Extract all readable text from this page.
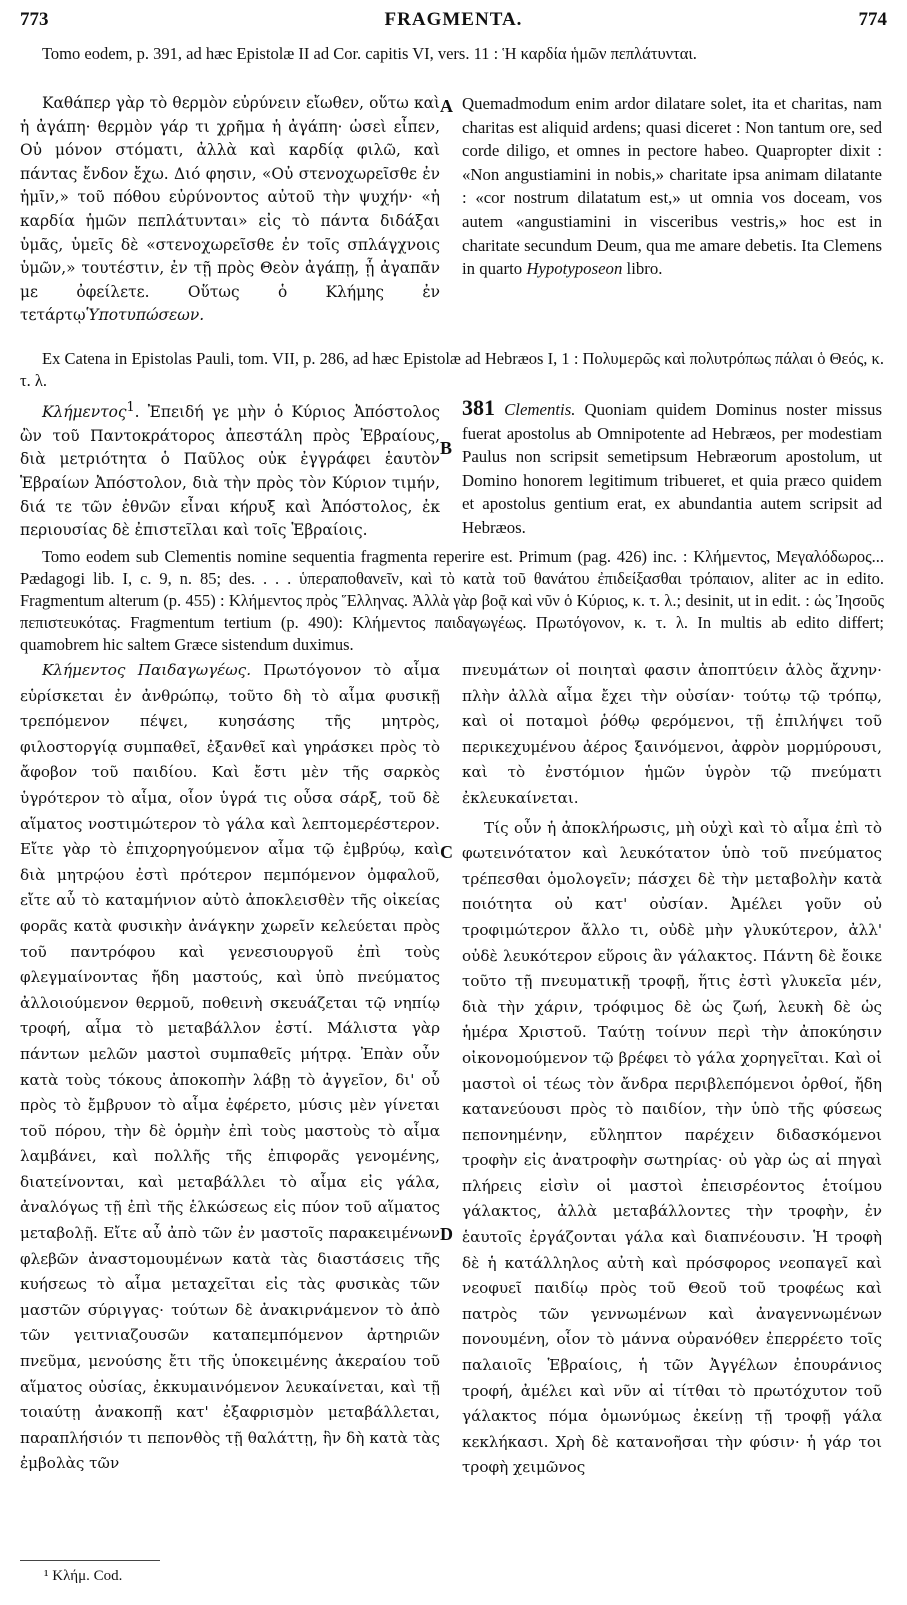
773	FRAGMENTA.	774
Tomo eodem, p. 391, ad hæc Epistolæ II ad Cor. capitis VI, vers. 11 : Ἡ καρδία ἡμῶν πεπλάτυνται.
Καθάπερ γὰρ τὸ θερμὸν εὐρύνειν εἴωθεν, οὕτω καὶ ἡ ἀγάπη· θερμὸν γάρ τι χρῆμα ἡ ἀγάπη· ὡσεὶ εἶπεν, Οὐ μόνον στόματι, ἀλλὰ καὶ καρδίᾳ φιλῶ, καὶ πάντας ἔνδον ἔχω. Διό φησιν, «Οὐ στενοχωρεῖσθε ἐν ἡμῖν,» τοῦ πόθου εὐρύνοντος αὐτοῦ τὴν ψυχήν· «ἡ καρδία ἡμῶν πεπλάτυνται» εἰς τὸ πάντα διδάξαι ὑμᾶς, ὑμεῖς δὲ «στενοχωρεῖσθε ἐν τοῖς σπλάγχνοις ὑμῶν,» τουτέστιν, ἐν τῇ πρὸς Θεὸν ἀγάπῃ, ᾗ ἀγαπᾶν με ὀφείλετε. Οὕτως ὁ Κλήμης ἐν τετάρτῳὙποτυπώσεων.
A Quemadmodum enim ardor dilatare solet, ita et charitas, nam charitas est aliquid ardens; quasi diceret : Non tantum ore, sed corde diligo, et omnes in pectore habeo. Quapropter dixit : «Non angustiamini in nobis,» charitate ipsa animam dilatante : «cor nostrum dilatatum est,» ut omnia vos doceam, vos autem «angustiamini in visceribus vestris,» hoc est in charitate secundum Deum, qua me amare debetis. Ita Clemens in quarto Hypotyposeon libro.
Ex Catena in Epistolas Pauli, tom. VII, p. 286, ad hæc Epistolæ ad Hebræos I, 1 : Πολυμερῶς καὶ πολυτρόπως πάλαι ὁ Θεός, κ. τ. λ.
Κλήμεντος$^1$. Ἐπειδή γε μὴν ὁ Κύριος Ἀπόστολος ὢν τοῦ Παντοκράτορος ἀπεστάλη πρὸς Ἑβραίους, διὰ μετριότητα ὁ Παῦλος οὐκ ἐγγράφει ἑαυτὸν Ἑβραίων Ἀπόστολον, διὰ τὴν πρὸς τὸν Κύριον τιμήν, διά τε τῶν ἐθνῶν εἶναι κήρυξ καὶ Ἀπόστολος, ἐκ περιουσίας δὲ ἐπιστεῖλαι καὶ τοῖς Ἑβραίοις.
B
381 Clementis. Quoniam quidem Dominus noster missus fuerat apostolus ab Omnipotente ad Hebræos, per modestiam Paulus non scripsit semetipsum Hebræorum apostolum, ut Domino honorem legitimum tribueret, et quia præco quidem et apostolus gentium erat, ex abundantia autem scripsit ad Hebræos.
Tomo eodem sub Clementis nomine sequentia fragmenta reperire est. Primum (pag. 426) inc. : Κλήμεντος, Μεγαλόδωρος... Pædagogi lib. I, c. 9, n. 85; des. . . . ὑπεραποθανεῖν, καὶ τὸ κατὰ τοῦ θανάτου ἐπιδείξασθαι τρόπαιον, aliter ac in edito. Fragmentum alterum (p. 455) : Κλήμεντος πρὸς Ἕλληνας. Ἀλλὰ γὰρ βοᾷ καὶ νῦν ὁ Κύριος, κ. τ. λ.; desinit, ut in edit. : ὡς Ἰησοῦς πεπιστευκότας. Fragmentum tertium (p. 490): Κλήμεντος παιδαγωγέως. Πρωτόγονον, κ. τ. λ. In multis ab edito differt; quamobrem hic saltem Græce sistendum duximus.
Κλήμεντος Παιδαγωγέως. Πρωτόγονον τὸ αἷμα εὑρίσκεται ἐν ἀνθρώπῳ, τοῦτο δὴ τὸ αἷμα φυσικῇ τρεπόμενον πέψει, κυησάσης τῆς μητρὸς, φιλοστοργίᾳ συμπαθεῖ, ἐξανθεῖ καὶ γηράσκει πρὸς τὸ ἄφοβον τοῦ παιδίου. Καὶ ἔστι μὲν τῆς σαρκὸς ὑγρότερον τὸ αἷμα, οἷον ὑγρά τις οὖσα σάρξ, τοῦ δὲ αἵματος νοστιμώτερον τὸ γάλα καὶ λεπτομερέστερον. Εἴτε γὰρ τὸ ἐπιχορηγούμενον αἷμα τῷ ἐμβρύῳ, καὶ διὰ μητρῴου ἐστὶ πρότερον πεμπόμενον ὀμφαλοῦ, εἴτε αὖ τὸ καταμήνιον αὐτὸ ἀποκλεισθὲν τῆς οἰκείας φορᾶς κατὰ φυσικὴν ἀνάγκην χωρεῖν κελεύεται πρὸς τοῦ παντρόφου καὶ γενεσιουργοῦ ἐπὶ τοὺς φλεγμαίνοντας ἤδη μαστούς, καὶ ὑπὸ πνεύματος ἀλλοιούμενον θερμοῦ, ποθεινὴ σκευάζεται τῷ νηπίῳ τροφή, αἷμα τὸ μεταβάλλον ἐστί. Μάλιστα γὰρ πάντων μελῶν μαστοὶ συμπαθεῖς μήτρᾳ. Ἐπὰν οὖν κατὰ τοὺς τόκους ἀποκοπὴν λάβῃ τὸ ἀγγεῖον, δι' οὗ πρὸς τὸ ἔμβρυον τὸ αἷμα ἐφέρετο, μύσις μὲν γίνεται τοῦ πόρου, τὴν δὲ ὁρμὴν ἐπὶ τοὺς μαστοὺς τὸ αἷμα λαμβάνει, καὶ πολλῆς τῆς ἐπιφορᾶς γενομένης, διατείνονται, καὶ μεταβάλλει τὸ αἷμα εἰς γάλα, ἀναλόγως τῇ ἐπὶ τῆς ἑλκώσεως εἰς πύον τοῦ αἵματος μεταβολῇ. Εἴτε αὖ ἀπὸ τῶν ἐν μαστοῖς παρακειμένων φλεβῶν ἀναστομουμένων κατὰ τὰς διαστάσεις τῆς κυήσεως τὸ αἷμα μεταχεῖται εἰς τὰς φυσικὰς τῶν μαστῶν σύριγγας· τούτων δὲ ἀνακιρνάμενον τὸ ἀπὸ τῶν γειτνιαζουσῶν καταπεμπόμενον ἀρτηριῶν πνεῦμα, μενούσης ἔτι τῆς ὑποκειμένης ἀκεραίου τοῦ αἵματος οὐσίας, ἐκκυμαινόμενον λευκαίνεται, καὶ τῇ τοιαύτῃ ἀνακοπῇ κατ' ἐξαφρισμὸν μεταβάλλεται, παραπλήσιόν τι πεπονθὸς τῇ θαλάττῃ, ἣν δὴ κατὰ τὰς ἐμβολὰς τῶν
C
D
πνευμάτων οἱ ποιηταὶ φασιν ἀποπτύειν ἁλὸς ἄχνην· πλὴν ἀλλὰ αἷμα ἔχει τὴν οὐσίαν· τούτῳ τῷ τρόπῳ, καὶ οἱ ποταμοὶ ῥόθῳ φερόμενοι, τῇ ἐπιλήψει τοῦ περικεχυμένου ἀέρος ξαινόμενοι, ἀφρὸν μορμύρουσι, καὶ τὸ ἐνστόμιον ἡμῶν ὑγρὸν τῷ πνεύματι ἐκλευκαίνεται.
Τίς οὖν ἡ ἀποκλήρωσις, μὴ οὐχὶ καὶ τὸ αἷμα ἐπὶ τὸ φωτεινότατον καὶ λευκότατον ὑπὸ τοῦ πνεύματος τρέπεσθαι ὁμολογεῖν; πάσχει δὲ τὴν μεταβολὴν κατὰ ποιότητα οὐ κατ' οὐσίαν. Ἀμέλει γοῦν οὐ τροφιμώτερον ἄλλο τι, οὐδὲ μὴν γλυκύτερον, ἀλλ' οὐδὲ λευκότερον εὕροις ἂν γάλακτος. Πάντη δὲ ἔοικε τοῦτο τῇ πνευματικῇ τροφῇ, ἥτις ἐστὶ γλυκεῖα μέν, διὰ τὴν χάριν, τρόφιμος δὲ ὡς ζωή, λευκὴ δὲ ὡς ἡμέρα Χριστοῦ. Ταύτῃ τοίνυν περὶ τὴν ἀποκύησιν οἰκονομούμενον τῷ βρέφει τὸ γάλα χορηγεῖται. Καὶ οἱ μαστοὶ οἱ τέως τὸν ἄνδρα περιβλεπόμενοι ὀρθοί, ἤδη κατανεύουσι πρὸς τὸ παιδίον, τὴν ὑπὸ τῆς φύσεως πεπονημένην, εὔληπτον παρέχειν διδασκόμενοι τροφὴν εἰς ἀνατροφὴν σωτηρίας· οὐ γὰρ ὡς αἱ πηγαὶ πλήρεις εἰσὶν οἱ μαστοὶ ἐπεισρέοντος ἑτοίμου γάλακτος, ἀλλὰ μεταβάλλοντες τὴν τροφὴν, ἐν ἑαυτοῖς ἐργάζονται γάλα καὶ διαπνέουσιν. Ἡ τροφὴ δὲ ἡ κατάλληλος αὐτὴ καὶ πρόσφορος νεοπαγεῖ καὶ νεοφυεῖ παιδίῳ πρὸς τοῦ Θεοῦ τοῦ τροφέως καὶ πατρὸς τῶν γεννωμένων καὶ ἀναγεννωμένων πονουμένη, οἷον τὸ μάννα οὐρανόθεν ἐπερρέετο τοῖς παλαιοῖς Ἑβραίοις, ἡ τῶν Ἀγγέλων ἐπουράνιος τροφή, ἀμέλει καὶ νῦν αἱ τίτθαι τὸ πρωτόχυτον τοῦ γάλακτος πόμα ὁμωνύμως ἐκείνῃ τῇ τροφῇ γάλα κεκλήκασι. Χρὴ δὲ κατανοῆσαι τὴν φύσιν· ἡ γάρ τοι τροφὴ χειμῶνος
¹ Κλήμ. Cod.
